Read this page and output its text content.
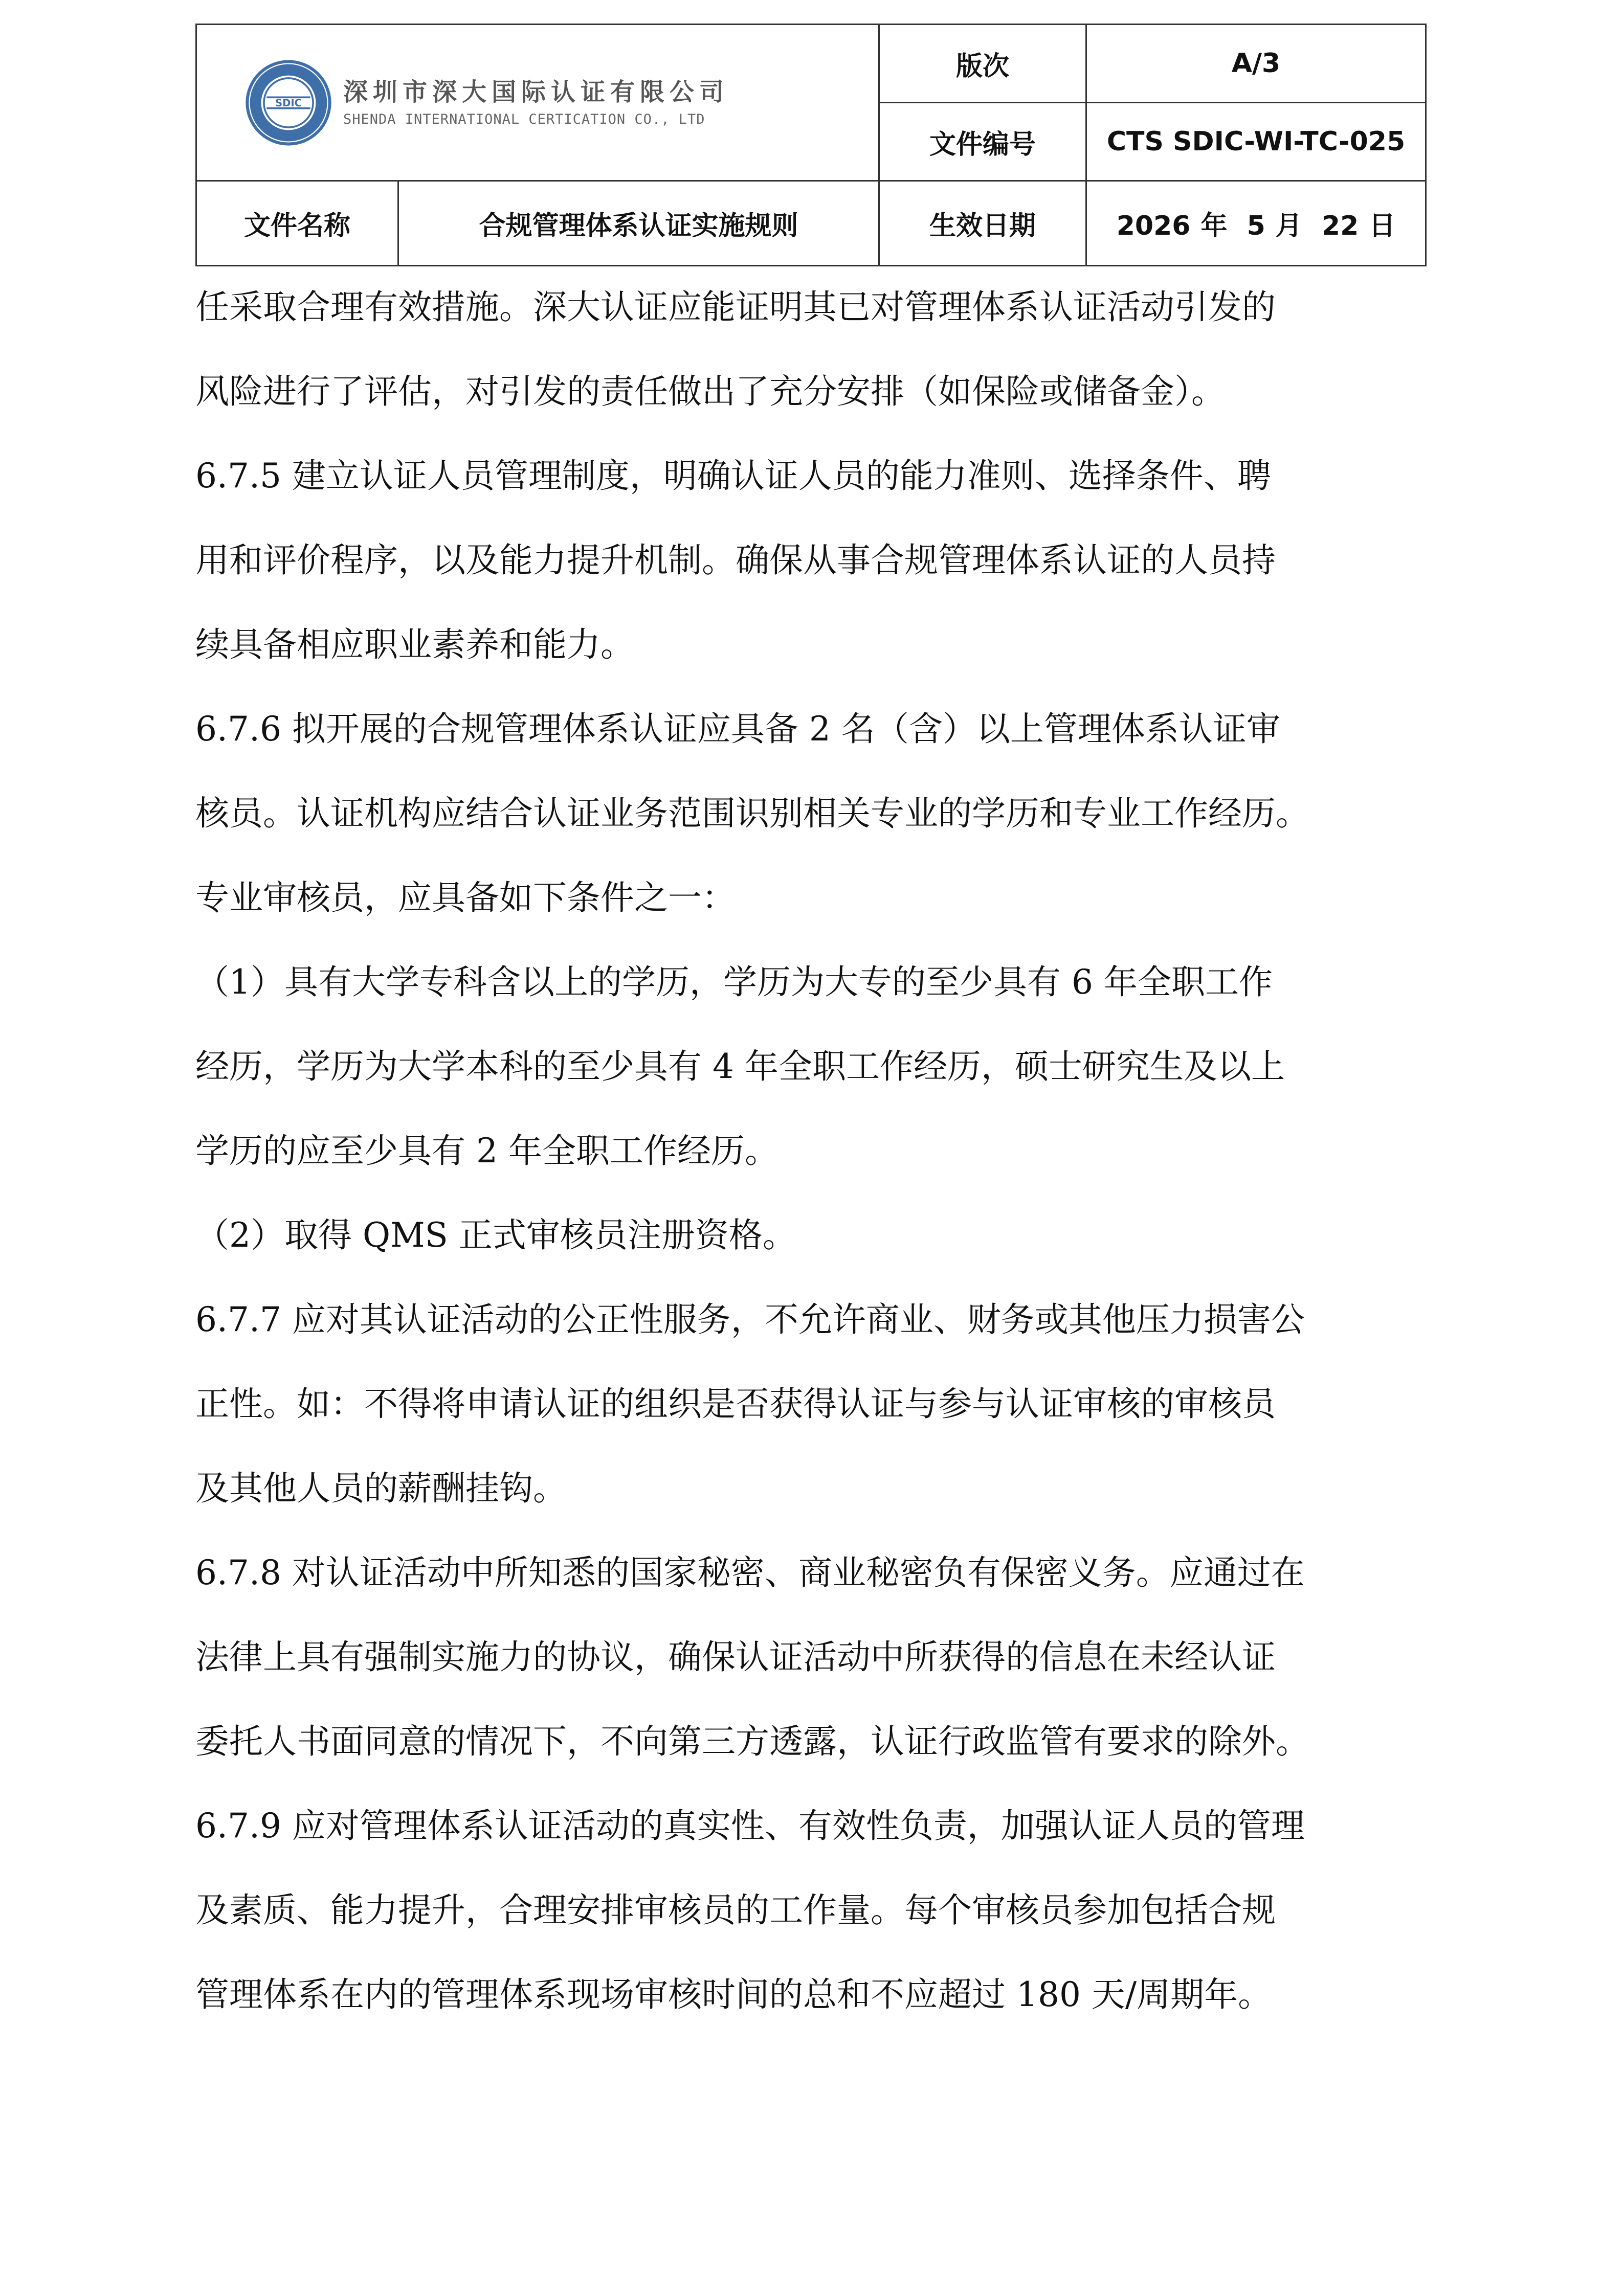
SDIC 深圳市深大国际认证有限公司
SHENDA INTERNATIONAL CERTICATION CO., LTD		版次	A/3
		文件编号	CTS SDIC-WI-TC-025
文件名称	合规管理体系认证实施规则	生效日期	2026 年 5 月 22 日

任采取合理有效措施。深大认证应能证明其已对管理体系认证活动引发的

风险进行了评估，对引发的责任做出了充分安排（如保险或储备金）。

6.7.5 建立认证人员管理制度，明确认证人员的能力准则、选择条件、聘

用和评价程序，以及能力提升机制。确保从事合规管理体系认证的人员持

续具备相应职业素养和能力。

6.7.6 拟开展的合规管理体系认证应具备 2 名（含）以上管理体系认证审

核员。认证机构应结合认证业务范围识别相关专业的学历和专业工作经历。

专业审核员，应具备如下条件之一：

（1）具有大学专科含以上的学历，学历为大专的至少具有 6 年全职工作

经历，学历为大学本科的至少具有 4 年全职工作经历，硕士研究生及以上

学历的应至少具有 2 年全职工作经历。

（2）取得 QMS 正式审核员注册资格。

6.7.7 应对其认证活动的公正性服务，不允许商业、财务或其他压力损害公

正性。如：不得将申请认证的组织是否获得认证与参与认证审核的审核员

及其他人员的薪酬挂钩。

6.7.8 对认证活动中所知悉的国家秘密、商业秘密负有保密义务。应通过在

法律上具有强制实施力的协议，确保认证活动中所获得的信息在未经认证

委托人书面同意的情况下，不向第三方透露，认证行政监管有要求的除外。

6.7.9 应对管理体系认证活动的真实性、有效性负责，加强认证人员的管理

及素质、能力提升，合理安排审核员的工作量。每个审核员参加包括合规

管理体系在内的管理体系现场审核时间的总和不应超过 180 天/周期年。
